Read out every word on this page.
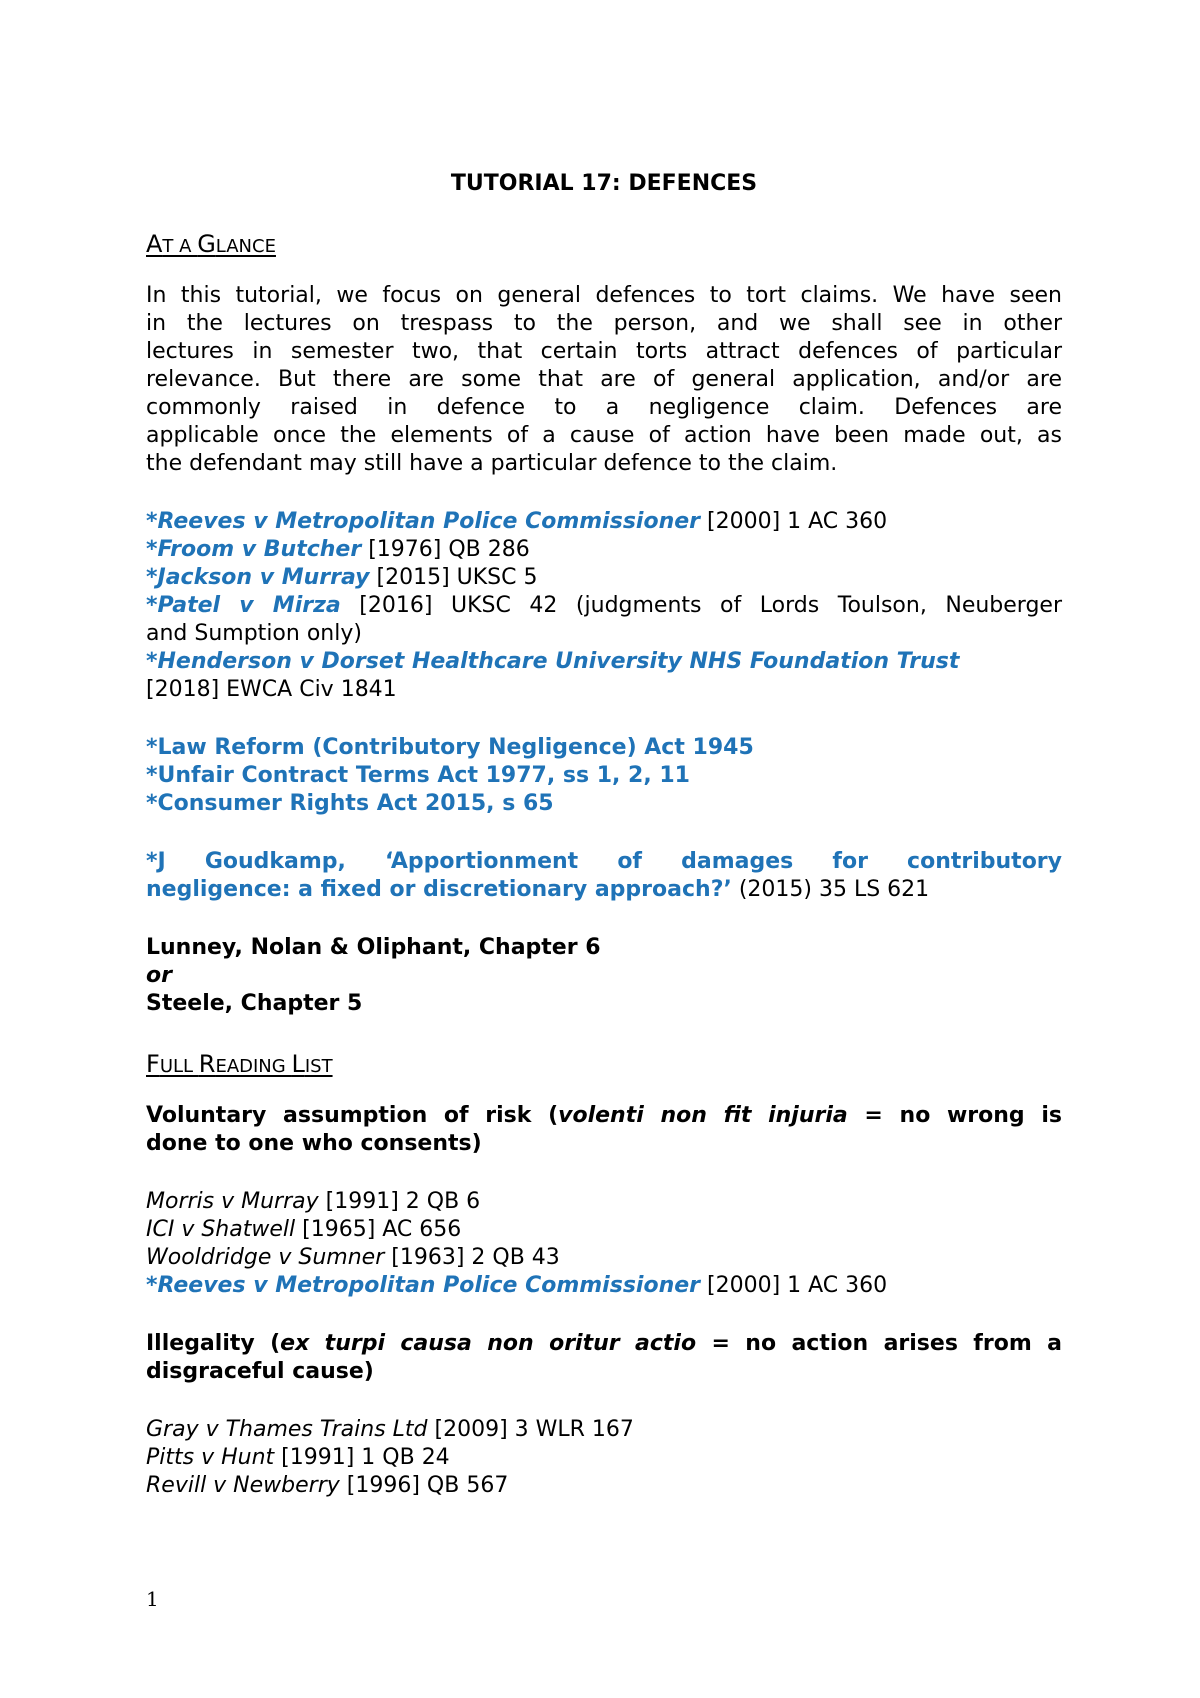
TUTORIAL 17: DEFENCES
AT A GLANCE
In this tutorial, we focus on general defences to tort claims. We have seen
in the lectures on trespass to the person, and we shall see in other
lectures in semester two, that certain torts attract defences of particular
relevance. But there are some that are of general application, and/or are
commonly raised in defence to a negligence claim. Defences are
applicable once the elements of a cause of action have been made out, as
the defendant may still have a particular defence to the claim.
*Reeves v Metropolitan Police Commissioner [2000] 1 AC 360
*Froom v Butcher [1976] QB 286
*Jackson v Murray [2015] UKSC 5
*Patel v Mirza [2016] UKSC 42 (judgments of Lords Toulson, Neuberger
and Sumption only)
*Henderson v Dorset Healthcare University NHS Foundation Trust
[2018] EWCA Civ 1841
*Law Reform (Contributory Negligence) Act 1945
*Unfair Contract Terms Act 1977, ss 1, 2, 11
*Consumer Rights Act 2015, s 65
*J Goudkamp, ‘Apportionment of damages for contributory
negligence: a fixed or discretionary approach?’ (2015) 35 LS 621
Lunney, Nolan & Oliphant, Chapter 6
or
Steele, Chapter 5
FULL READING LIST
Voluntary assumption of risk (volenti non fit injuria = no wrong is
done to one who consents)
Morris v Murray [1991] 2 QB 6
ICI v Shatwell [1965] AC 656
Wooldridge v Sumner [1963] 2 QB 43
*Reeves v Metropolitan Police Commissioner [2000] 1 AC 360
Illegality (ex turpi causa non oritur actio = no action arises from a
disgraceful cause)
Gray v Thames Trains Ltd [2009] 3 WLR 167
Pitts v Hunt [1991] 1 QB 24
Revill v Newberry [1996] QB 567
1
